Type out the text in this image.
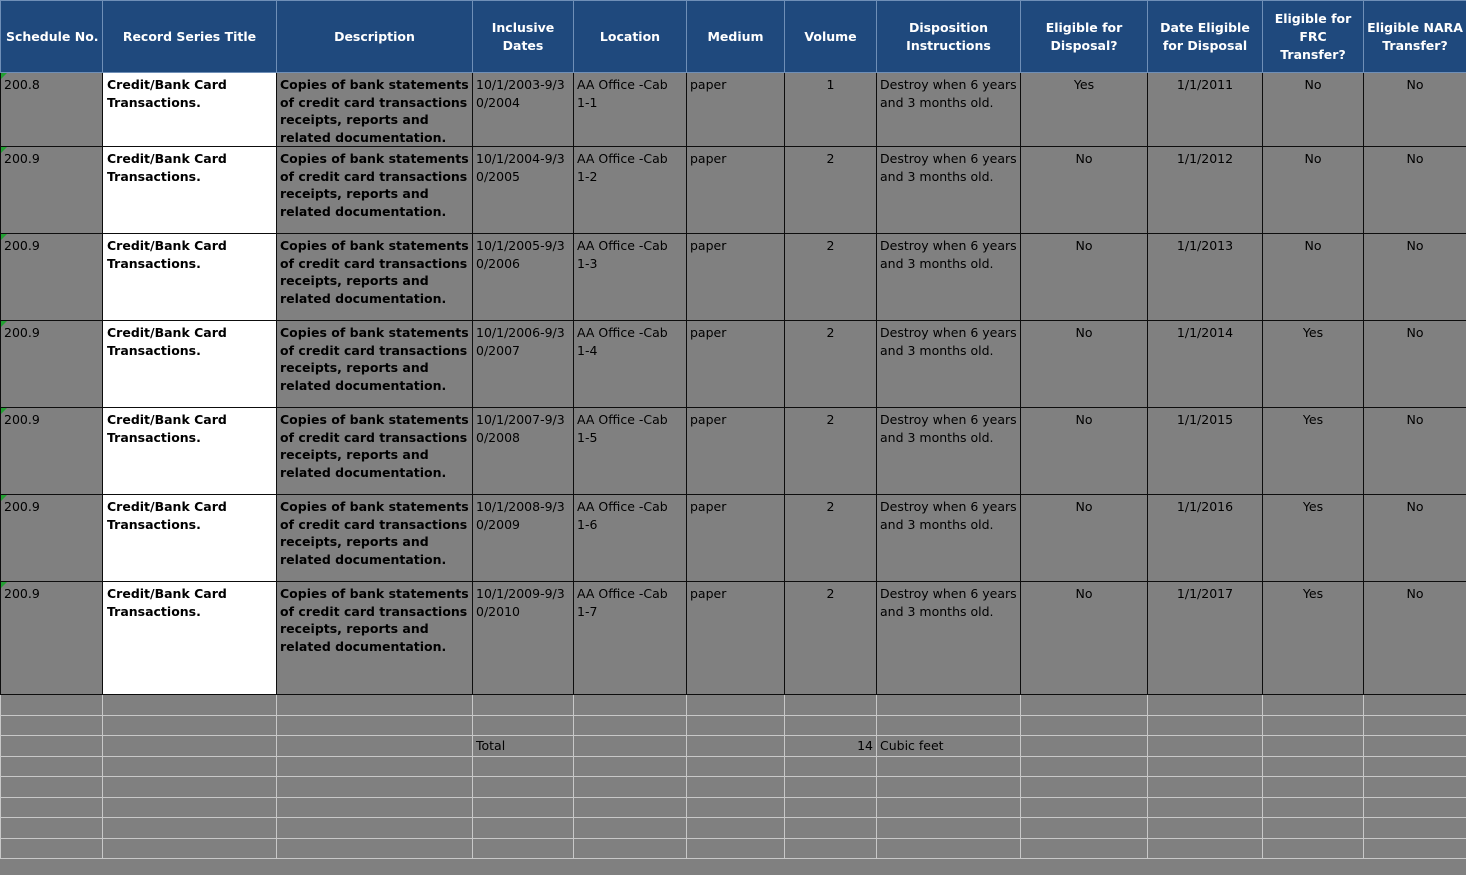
Schedule No.	Record Series Title	Description	Inclusive Dates	Location	Medium	Volume	Disposition Instructions	Eligible for Disposal?	Date Eligible for Disposal	Eligible for FRC Transfer?	Eligible NARA Transfer?
200.8	Credit/Bank Card Transactions.	Copies of bank statements of credit card transactions receipts, reports and related documentation.	10/1/2003-9/30/2004	AA Office -Cab 1-1	paper	1	Destroy when 6 years and 3 months old.	Yes	1/1/2011	No	No
200.9	Credit/Bank Card Transactions.	Copies of bank statements of credit card transactions receipts, reports and related documentation.	10/1/2004-9/30/2005	AA Office -Cab 1-2	paper	2	Destroy when 6 years and 3 months old.	No	1/1/2012	No	No
200.9	Credit/Bank Card Transactions.	Copies of bank statements of credit card transactions receipts, reports and related documentation.	10/1/2005-9/30/2006	AA Office -Cab 1-3	paper	2	Destroy when 6 years and 3 months old.	No	1/1/2013	No	No
200.9	Credit/Bank Card Transactions.	Copies of bank statements of credit card transactions receipts, reports and related documentation.	10/1/2006-9/30/2007	AA Office -Cab 1-4	paper	2	Destroy when 6 years and 3 months old.	No	1/1/2014	Yes	No
200.9	Credit/Bank Card Transactions.	Copies of bank statements of credit card transactions receipts, reports and related documentation.	10/1/2007-9/30/2008	AA Office -Cab 1-5	paper	2	Destroy when 6 years and 3 months old.	No	1/1/2015	Yes	No
200.9	Credit/Bank Card Transactions.	Copies of bank statements of credit card transactions receipts, reports and related documentation.	10/1/2008-9/30/2009	AA Office -Cab 1-6	paper	2	Destroy when 6 years and 3 months old.	No	1/1/2016	Yes	No
200.9	Credit/Bank Card Transactions.	Copies of bank statements of credit card transactions receipts, reports and related documentation.	10/1/2009-9/30/2010	AA Office -Cab 1-7	paper	2	Destroy when 6 years and 3 months old.	No	1/1/2017	Yes	No

			Total			14	Cubic feet				
